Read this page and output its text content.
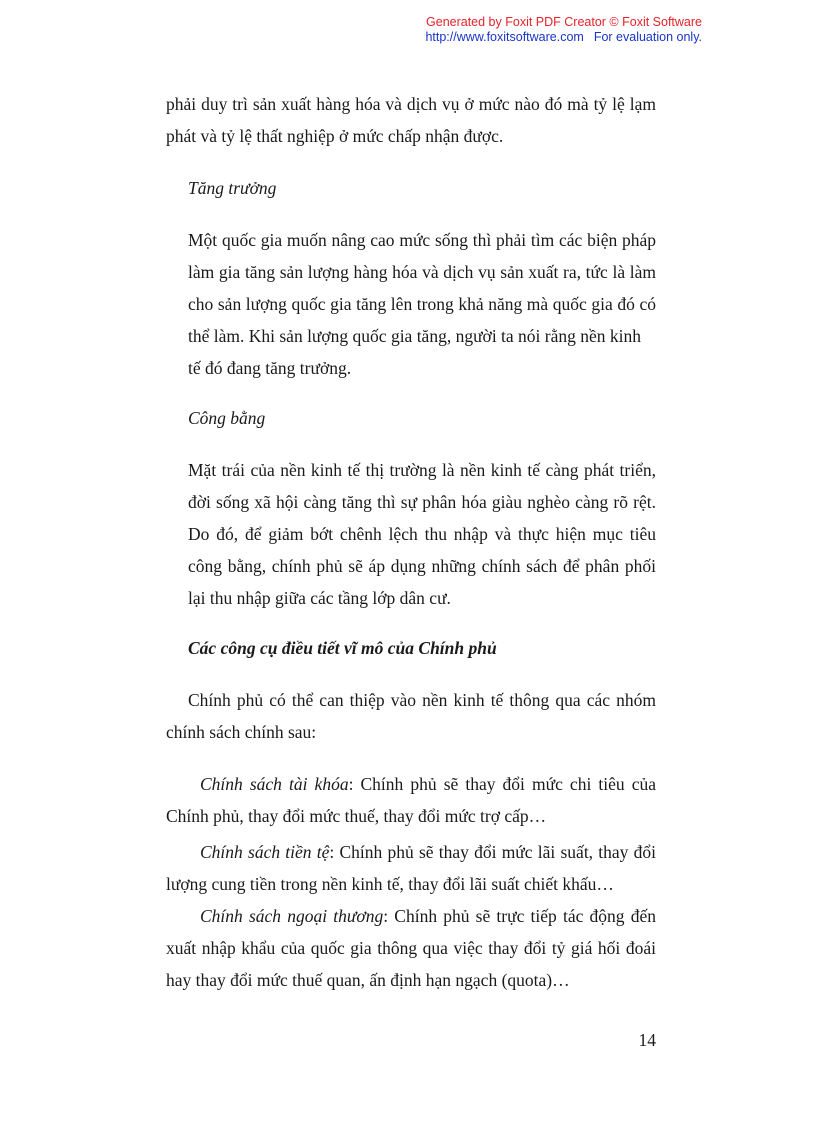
Generated by Foxit PDF Creator © Foxit Software
http://www.foxitsoftware.com For evaluation only.
phải duy trì sản xuất hàng hóa và dịch vụ ở mức nào đó mà tỷ lệ lạm
phát và tỷ lệ thất nghiệp ở mức chấp nhận được.
Tăng trưởng
Một quốc gia muốn nâng cao mức sống thì phải tìm các biện pháp
làm gia tăng sản lượng hàng hóa và dịch vụ sản xuất ra, tức là làm
cho sản lượng quốc gia tăng lên trong khả năng mà quốc gia đó có
thể làm. Khi sản lượng quốc gia tăng, người ta nói rằng nền kinh
tế đó đang tăng trưởng.
Công bằng
Mặt trái của nền kinh tế thị trường là nền kinh tế càng phát triển,
đời sống xã hội càng tăng thì sự phân hóa giàu nghèo càng rõ rệt.
Do đó, để giảm bớt chênh lệch thu nhập và thực hiện mục tiêu
công bằng, chính phủ sẽ áp dụng những chính sách để phân phối
lại thu nhập giữa các tầng lớp dân cư.
Các công cụ điều tiết vĩ mô của Chính phủ
Chính phủ có thể can thiệp vào nền kinh tế thông qua các nhóm
chính sách chính sau:
Chính sách tài khóa: Chính phủ sẽ thay đổi mức chi tiêu của
Chính phủ, thay đổi mức thuế, thay đổi mức trợ cấp…
Chính sách tiền tệ: Chính phủ sẽ thay đổi mức lãi suất, thay đổi
lượng cung tiền trong nền kinh tế, thay đổi lãi suất chiết khấu…
Chính sách ngoại thương: Chính phủ sẽ trực tiếp tác động đến
xuất nhập khẩu của quốc gia thông qua việc thay đổi tỷ giá hối đoái
hay thay đổi mức thuế quan, ấn định hạn ngạch (quota)…
14
